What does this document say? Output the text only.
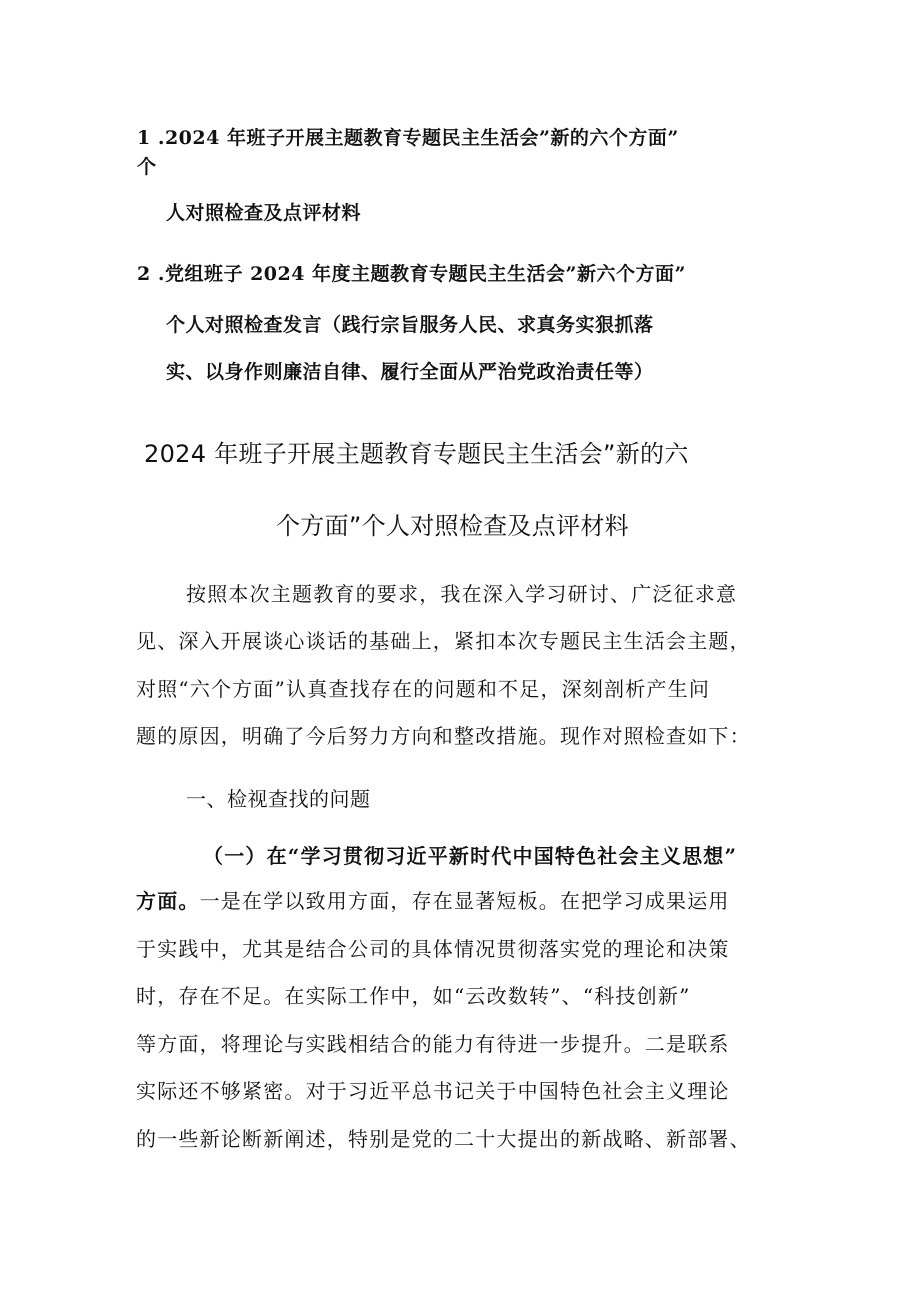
1 .2024 年班子开展主题教育专题民主生活会”新的六个方面”
个
人对照检查及点评材料
2 .党组班子 2024 年度主题教育专题民主生活会”新六个方面”
个人对照检查发言（践行宗旨服务人民、求真务实狠抓落
实、以身作则廉洁自律、履行全面从严治党政治责任等）
2024 年班子开展主题教育专题民主生活会”新的六
个方面”个人对照检查及点评材料
按照本次主题教育的要求，我在深入学习研讨、广泛征求意
见、深入开展谈心谈话的基础上，紧扣本次专题民主生活会主题，
对照“六个方面”认真查找存在的问题和不足，深刻剖析产生问
题的原因，明确了今后努力方向和整改措施。现作对照检查如下：
一、检视查找的问题
（一）在“学习贯彻习近平新时代中国特色社会主义思想”
方面。一是在学以致用方面，存在显著短板。在把学习成果运用
于实践中，尤其是结合公司的具体情况贯彻落实党的理论和决策
时，存在不足。在实际工作中，如“云改数转”、“科技创新”
等方面，将理论与实践相结合的能力有待进一步提升。二是联系
实际还不够紧密。对于习近平总书记关于中国特色社会主义理论
的一些新论断新阐述，特别是党的二十大提出的新战略、新部署、
